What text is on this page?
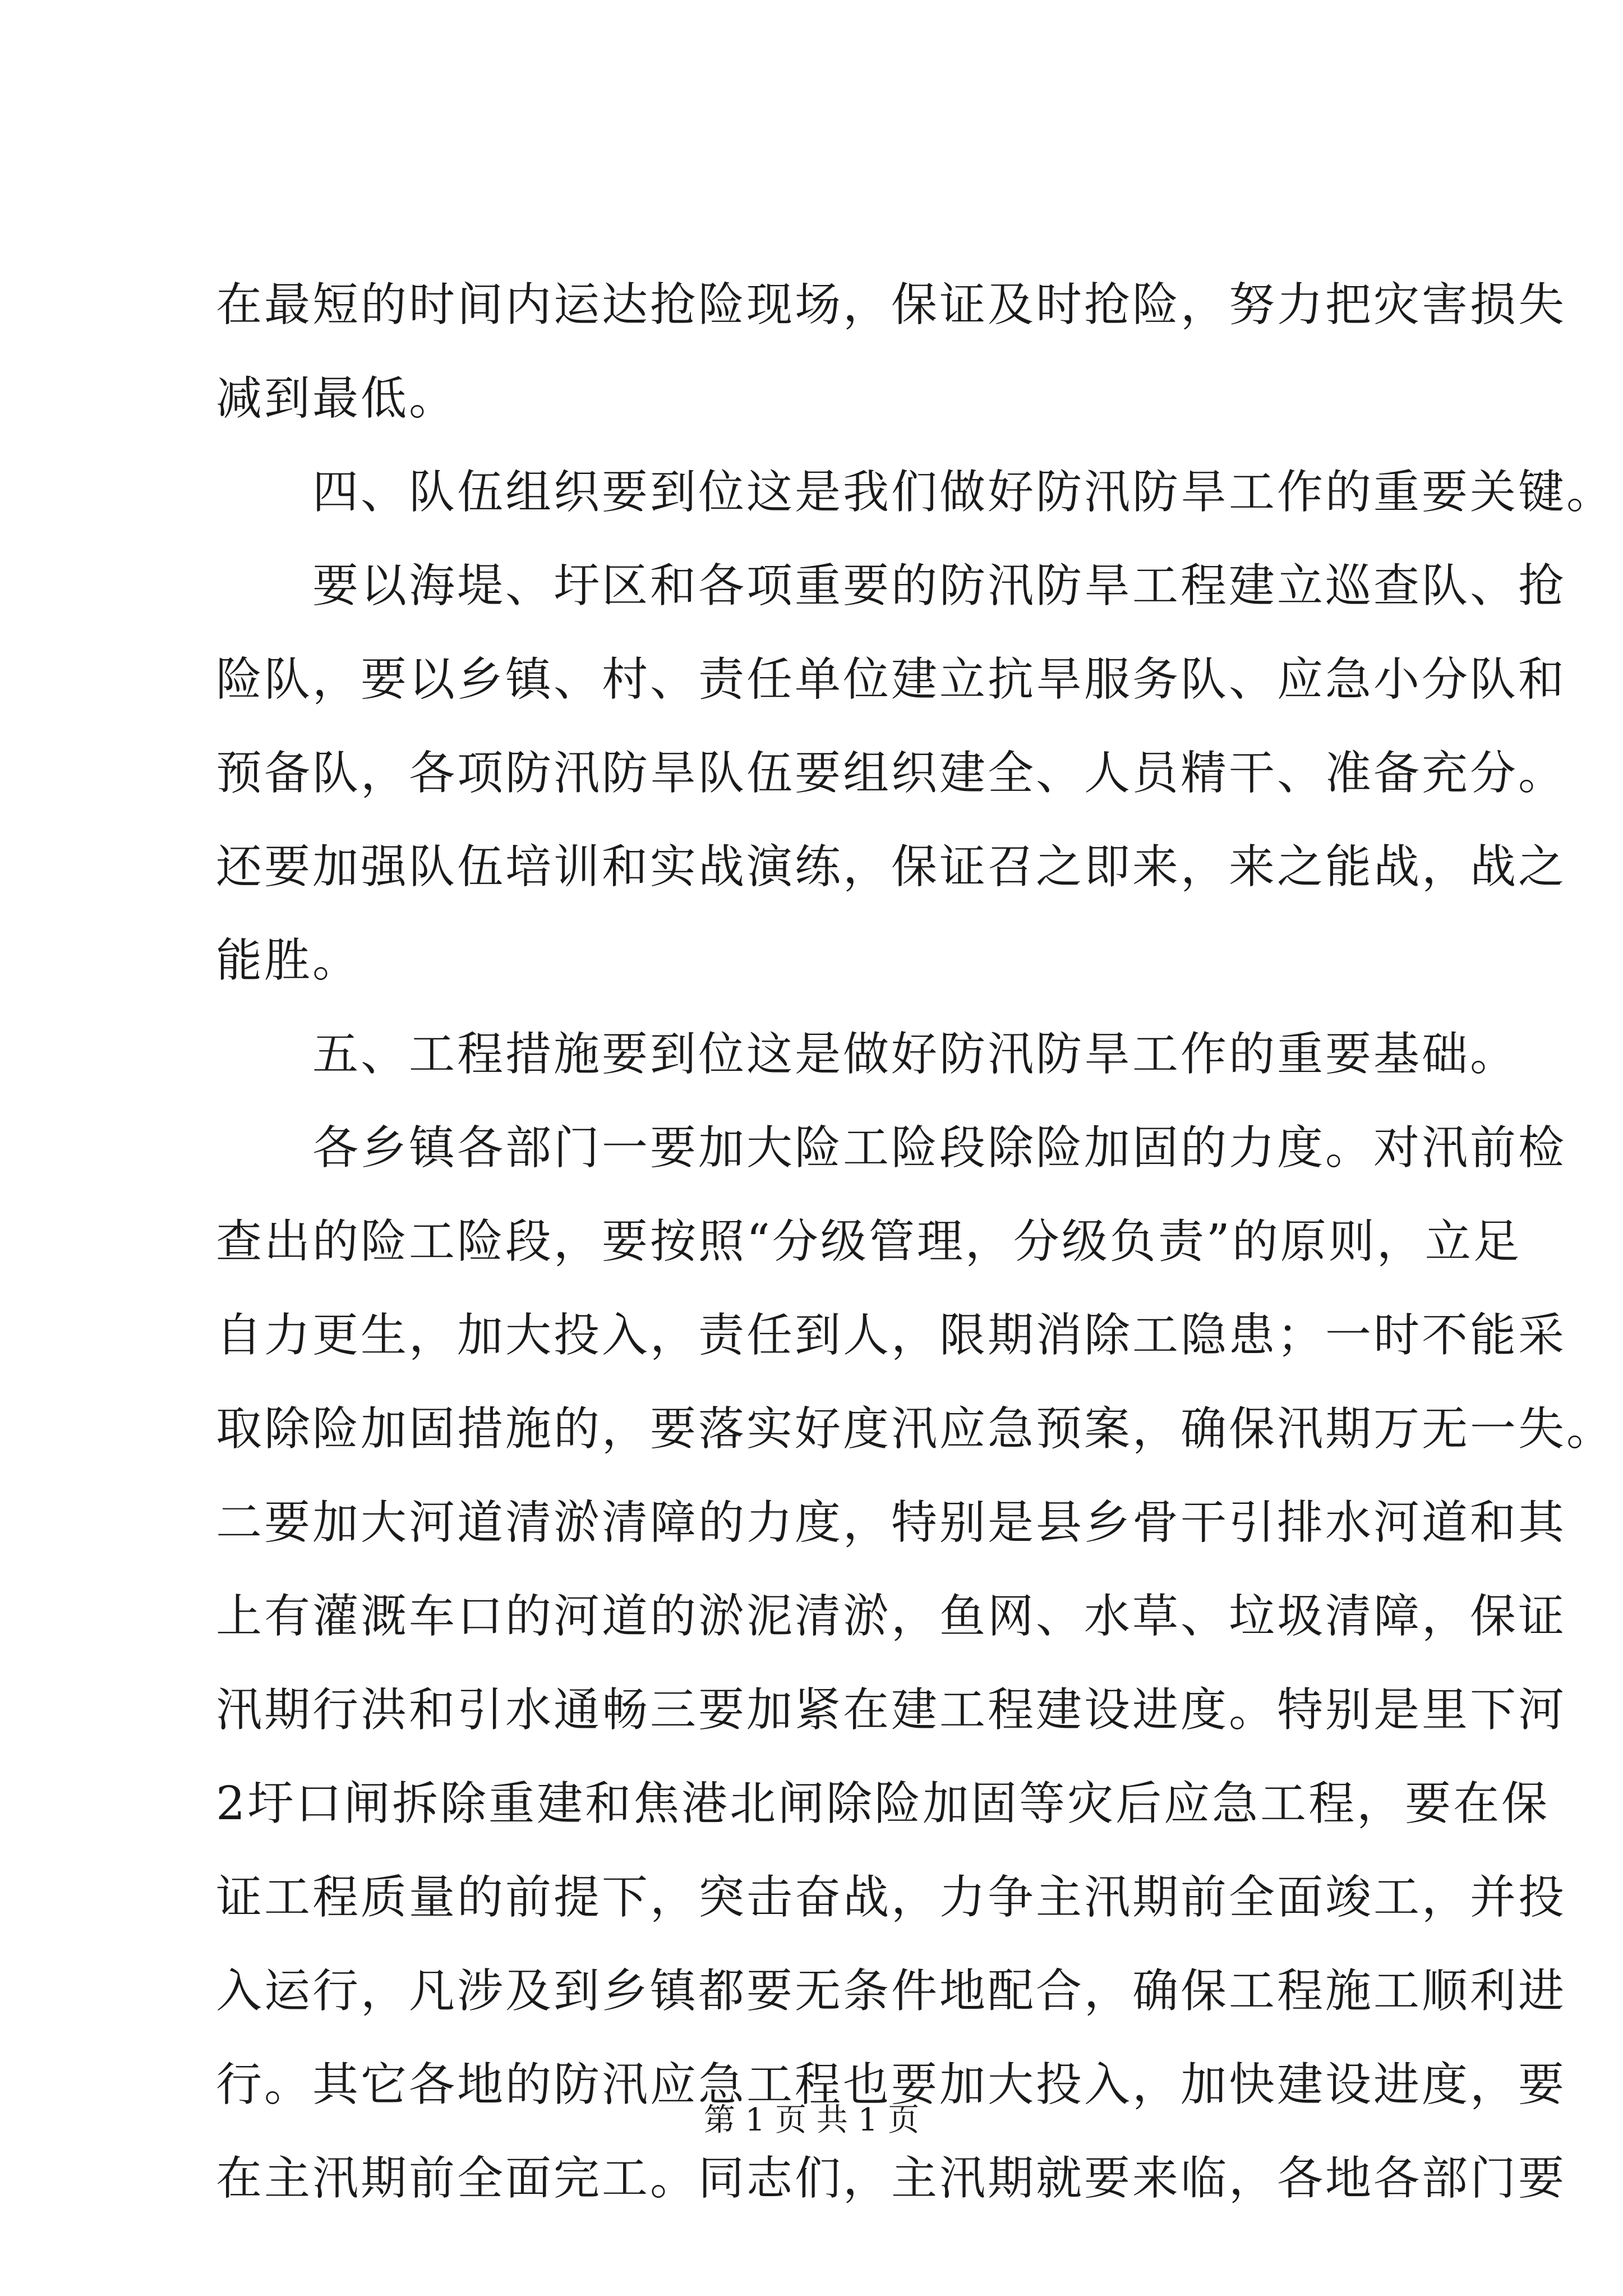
在最短的时间内运达抢险现场，保证及时抢险，努力把灾害损失
减到最低。
　　四、队伍组织要到位这是我们做好防汛防旱工作的重要关键。
　　要以海堤、圩区和各项重要的防汛防旱工程建立巡查队、抢
险队，要以乡镇、村、责任单位建立抗旱服务队、应急小分队和
预备队，各项防汛防旱队伍要组织建全、人员精干、准备充分。
还要加强队伍培训和实战演练，保证召之即来，来之能战，战之
能胜。
　　五、工程措施要到位这是做好防汛防旱工作的重要基础。
　　各乡镇各部门一要加大险工险段除险加固的力度。对汛前检
查出的险工险段，要按照“分级管理，分级负责”的原则，立足
自力更生，加大投入，责任到人，限期消除工隐患；一时不能采
取除险加固措施的，要落实好度汛应急预案，确保汛期万无一失。
二要加大河道清淤清障的力度，特别是县乡骨干引排水河道和其
上有灌溉车口的河道的淤泥清淤，鱼网、水草、垃圾清障，保证
汛期行洪和引水通畅三要加紧在建工程建设进度。特别是里下河
2圩口闸拆除重建和焦港北闸除险加固等灾后应急工程，要在保
证工程质量的前提下，突击奋战，力争主汛期前全面竣工，并投
入运行，凡涉及到乡镇都要无条件地配合，确保工程施工顺利进
行。其它各地的防汛应急工程也要加大投入，加快建设进度，要
在主汛期前全面完工。同志们，主汛期就要来临，各地各部门要
第 1 页 共 1 页
